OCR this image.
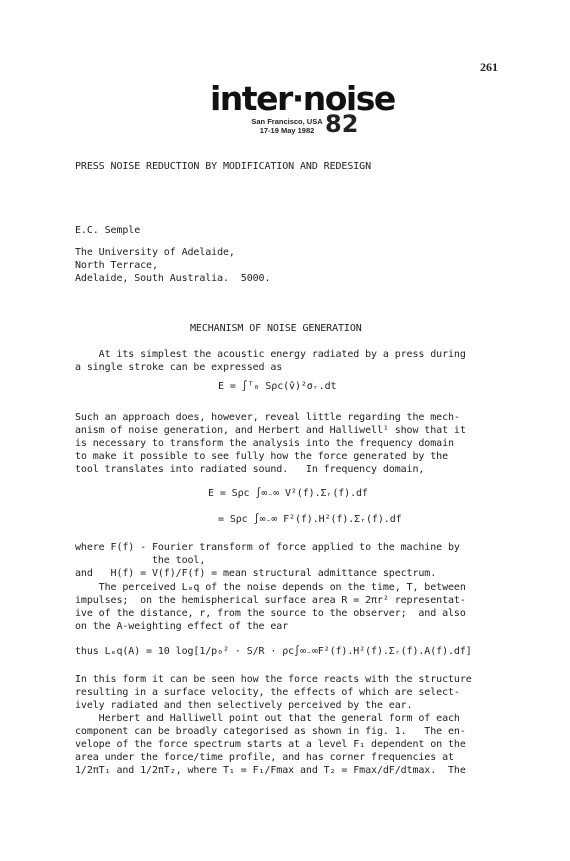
261
inter·noise
San Francisco, USA
17-19 May 1982 82
PRESS NOISE REDUCTION BY MODIFICATION AND REDESIGN
E.C. Semple
The University of Adelaide,
North Terrace,
Adelaide, South Australia.  5000.
MECHANISM OF NOISE GENERATION
At its simplest the acoustic energy radiated by a press during
a single stroke can be expressed as
E = ∫ᵀ₀ Sρc(v̂)²σᵣ.dt
Such an approach does, however, reveal little regarding the mech-
anism of noise generation, and Herbert and Halliwell¹ show that it
is necessary to transform the analysis into the frequency domain
to make it possible to see fully how the force generated by the
tool translates into radiated sound.   In frequency domain,
E = Sρc ∫∞₋∞ V²(f).Σᵣ(f).df
= Sρc ∫∞₋∞ F²(f).H²(f).Σᵣ(f).df
where F(f) - Fourier transform of force applied to the machine by
the tool,
and   H(f) = V(f)/F(f) = mean structural admittance spectrum.
The perceived Lₑq of the noise depends on the time, T, between
impulses;  on the hemispherical surface area R = 2πr² representat-
ive of the distance, r, from the source to the observer;  and also
on the A-weighting effect of the ear
thus Lₑq(A) = 10 log[1/p₀² · S/R · ρc∫∞₋∞F²(f).H²(f).Σᵣ(f).A(f).df]
In this form it can be seen how the force reacts with the structure
resulting in a surface velocity, the effects of which are select-
ively radiated and then selectively perceived by the ear.
Herbert and Halliwell point out that the general form of each
component can be broadly categorised as shown in fig. 1.   The en-
velope of the force spectrum starts at a level F₁ dependent on the
area under the force/time profile, and has corner frequencies at
1/2πT₁ and 1/2πT₂, where T₁ = F₁/Fmax and T₂ = Fmax/dF/dtmax.  The
